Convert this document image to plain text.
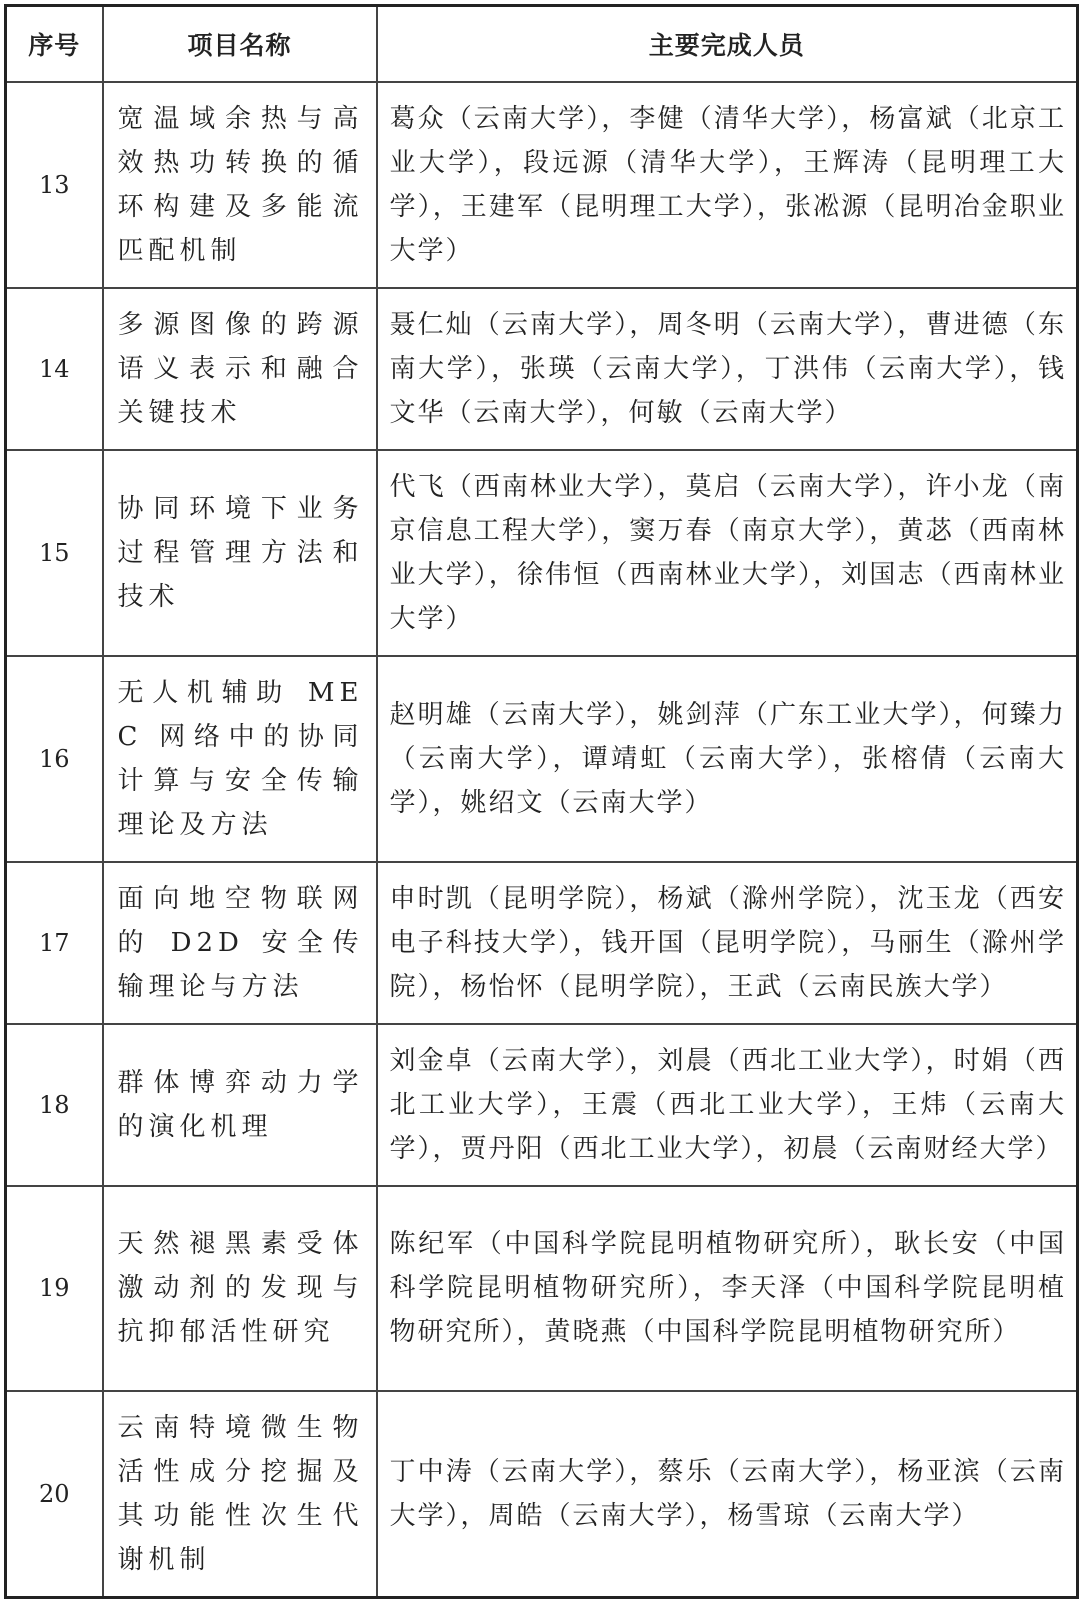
序号	项目名称	主要完成人员
13	宽温域余热与高效热功转换的循环构建及多能流匹配机制	葛众（云南大学），李健（清华大学），杨富斌（北京工业大学），段远源（清华大学），王辉涛（昆明理工大学），王建军（昆明理工大学），张凇源（昆明冶金职业大学）
14	多源图像的跨源语义表示和融合关键技术	聂仁灿（云南大学），周冬明（云南大学），曹进德（东南大学），张瑛（云南大学），丁洪伟（云南大学），钱文华（云南大学），何敏（云南大学）
15	协同环境下业务过程管理方法和技术	代飞（西南林业大学），莫启（云南大学），许小龙（南京信息工程大学），窦万春（南京大学），黄苾（西南林业大学），徐伟恒（西南林业大学），刘国志（西南林业大学）
16	无人机辅助 MEC 网络中的协同计算与安全传输理论及方法	赵明雄（云南大学），姚剑萍（广东工业大学），何臻力（云南大学），谭靖虹（云南大学），张榕倩（云南大学），姚绍文（云南大学）
17	面向地空物联网的 D2D 安全传输理论与方法	申时凯（昆明学院），杨斌（滁州学院），沈玉龙（西安电子科技大学），钱开国（昆明学院），马丽生（滁州学院），杨怡怀（昆明学院），王武（云南民族大学）
18	群体博弈动力学的演化机理	刘金卓（云南大学），刘晨（西北工业大学），时娟（西北工业大学），王震（西北工业大学），王炜（云南大学），贾丹阳（西北工业大学），初晨（云南财经大学）
19	天然褪黑素受体激动剂的发现与抗抑郁活性研究	陈纪军（中国科学院昆明植物研究所），耿长安（中国科学院昆明植物研究所），李天泽（中国科学院昆明植物研究所），黄晓燕（中国科学院昆明植物研究所）
20	云南特境微生物活性成分挖掘及其功能性次生代谢机制	丁中涛（云南大学），蔡乐（云南大学），杨亚滨（云南大学），周皓（云南大学），杨雪琼（云南大学）
